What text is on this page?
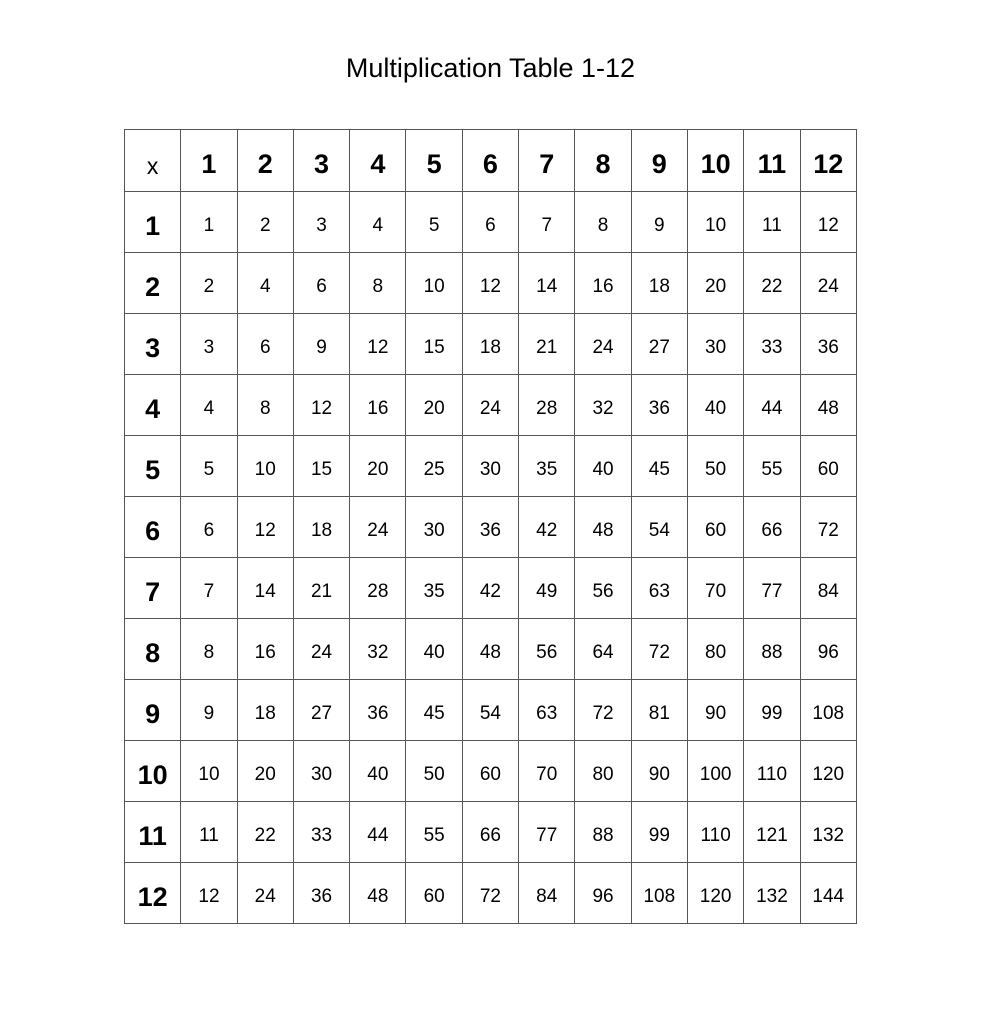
Multiplication Table 1-12
x	1	2	3	4	5	6	7	8	9	10	11	12
1	1	2	3	4	5	6	7	8	9	10	11	12
2	2	4	6	8	10	12	14	16	18	20	22	24
3	3	6	9	12	15	18	21	24	27	30	33	36
4	4	8	12	16	20	24	28	32	36	40	44	48
5	5	10	15	20	25	30	35	40	45	50	55	60
6	6	12	18	24	30	36	42	48	54	60	66	72
7	7	14	21	28	35	42	49	56	63	70	77	84
8	8	16	24	32	40	48	56	64	72	80	88	96
9	9	18	27	36	45	54	63	72	81	90	99	108
10	10	20	30	40	50	60	70	80	90	100	110	120
11	11	22	33	44	55	66	77	88	99	110	121	132
12	12	24	36	48	60	72	84	96	108	120	132	144
